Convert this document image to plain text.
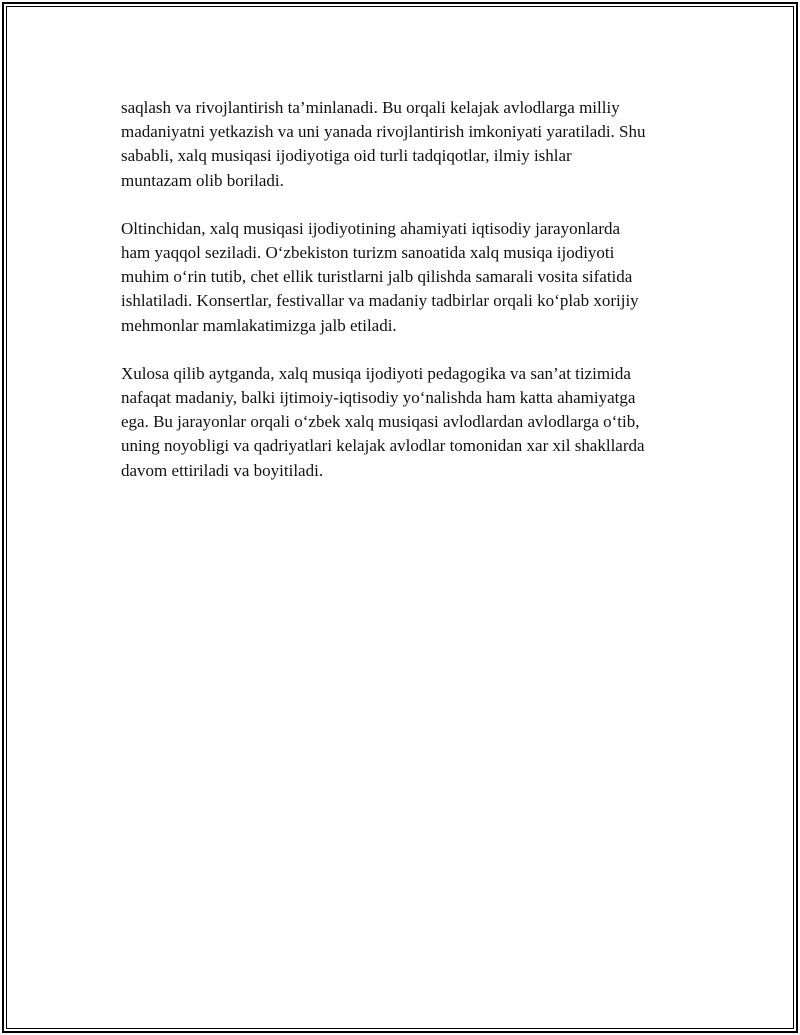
saqlash va rivojlantirish ta’minlanadi. Bu orqali kelajak avlodlarga milliy
madaniyatni yetkazish va uni yanada rivojlantirish imkoniyati yaratiladi. Shu
sababli, xalq musiqasi ijodiyotiga oid turli tadqiqotlar, ilmiy ishlar
muntazam olib boriladi.

Oltinchidan, xalq musiqasi ijodiyotining ahamiyati iqtisodiy jarayonlarda
ham yaqqol seziladi. O‘zbekiston turizm sanoatida xalq musiqa ijodiyoti
muhim o‘rin tutib, chet ellik turistlarni jalb qilishda samarali vosita sifatida
ishlatiladi. Konsertlar, festivallar va madaniy tadbirlar orqali ko‘plab xorijiy
mehmonlar mamlakatimizga jalb etiladi.

Xulosa qilib aytganda, xalq musiqa ijodiyoti pedagogika va san’at tizimida
nafaqat madaniy, balki ijtimoiy-iqtisodiy yo‘nalishda ham katta ahamiyatga
ega. Bu jarayonlar orqali o‘zbek xalq musiqasi avlodlardan avlodlarga o‘tib,
uning noyobligi va qadriyatlari kelajak avlodlar tomonidan xar xil shakllarda
davom ettiriladi va boyitiladi.
